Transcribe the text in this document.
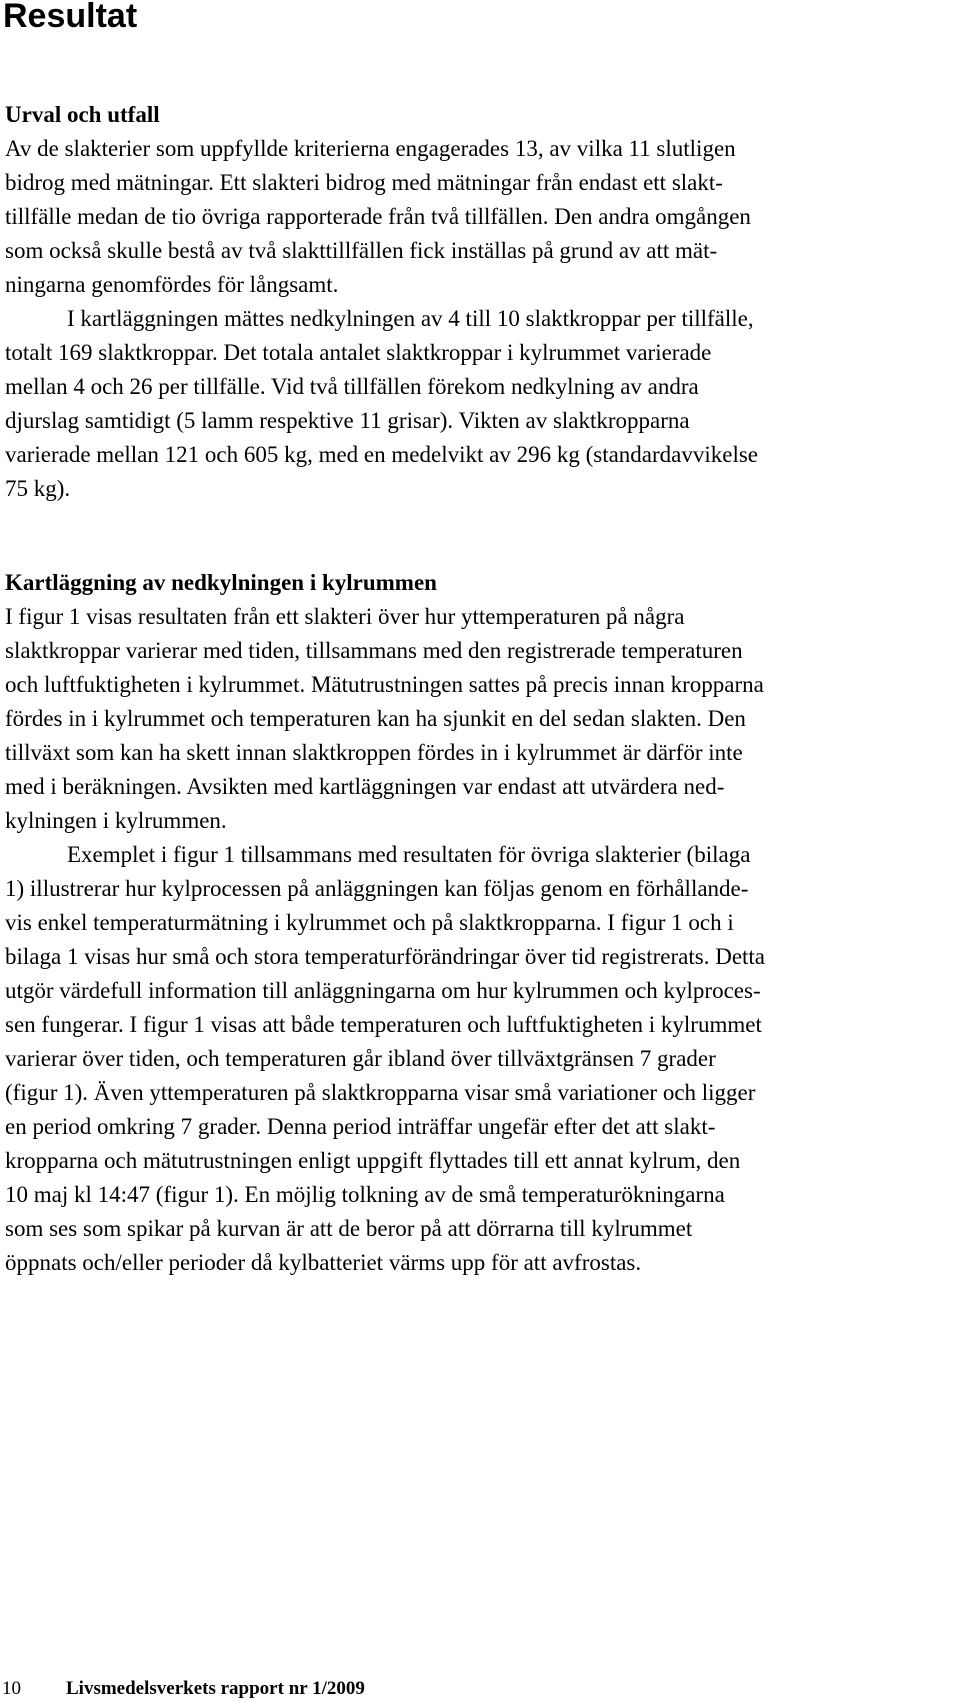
Resultat
Urval och utfall

Av de slakterier som uppfyllde kriterierna engagerades 13, av vilka 11 slutligen
bidrog med mätningar. Ett slakteri bidrog med mätningar från endast ett slakt-
tillfälle medan de tio övriga rapporterade från två tillfällen. Den andra omgången
som också skulle bestå av två slakttillfällen fick inställas på grund av att mät-
ningarna genomfördes för långsamt.

I kartläggningen mättes nedkylningen av 4 till 10 slaktkroppar per tillfälle,
totalt 169 slaktkroppar. Det totala antalet slaktkroppar i kylrummet varierade
mellan 4 och 26 per tillfälle. Vid två tillfällen förekom nedkylning av andra
djurslag samtidigt (5 lamm respektive 11 grisar). Vikten av slaktkropparna
varierade mellan 121 och 605 kg, med en medelvikt av 296 kg (standardavvikelse
75 kg).

Kartläggning av nedkylningen i kylrummen

I figur 1 visas resultaten från ett slakteri över hur yttemperaturen på några
slaktkroppar varierar med tiden, tillsammans med den registrerade temperaturen
och luftfuktigheten i kylrummet. Mätutrustningen sattes på precis innan kropparna
fördes in i kylrummet och temperaturen kan ha sjunkit en del sedan slakten. Den
tillväxt som kan ha skett innan slaktkroppen fördes in i kylrummet är därför inte
med i beräkningen. Avsikten med kartläggningen var endast att utvärdera ned-
kylningen i kylrummen.

Exemplet i figur 1 tillsammans med resultaten för övriga slakterier (bilaga
1) illustrerar hur kylprocessen på anläggningen kan följas genom en förhållande-
vis enkel temperaturmätning i kylrummet och på slaktkropparna. I figur 1 och i
bilaga 1 visas hur små och stora temperaturförändringar över tid registrerats. Detta
utgör värdefull information till anläggningarna om hur kylrummen och kylproces-
sen fungerar. I figur 1 visas att både temperaturen och luftfuktigheten i kylrummet
varierar över tiden, och temperaturen går ibland över tillväxtgränsen 7 grader
(figur 1). Även yttemperaturen på slaktkropparna visar små variationer och ligger
en period omkring 7 grader. Denna period inträffar ungefär efter det att slakt-
kropparna och mätutrustningen enligt uppgift flyttades till ett annat kylrum, den
10 maj kl 14:47 (figur 1). En möjlig tolkning av de små temperaturökningarna
som ses som spikar på kurvan är att de beror på att dörrarna till kylrummet
öppnats och/eller perioder då kylbatteriet värms upp för att avfrostas.

10 Livsmedelsverkets rapport nr 1/2009
